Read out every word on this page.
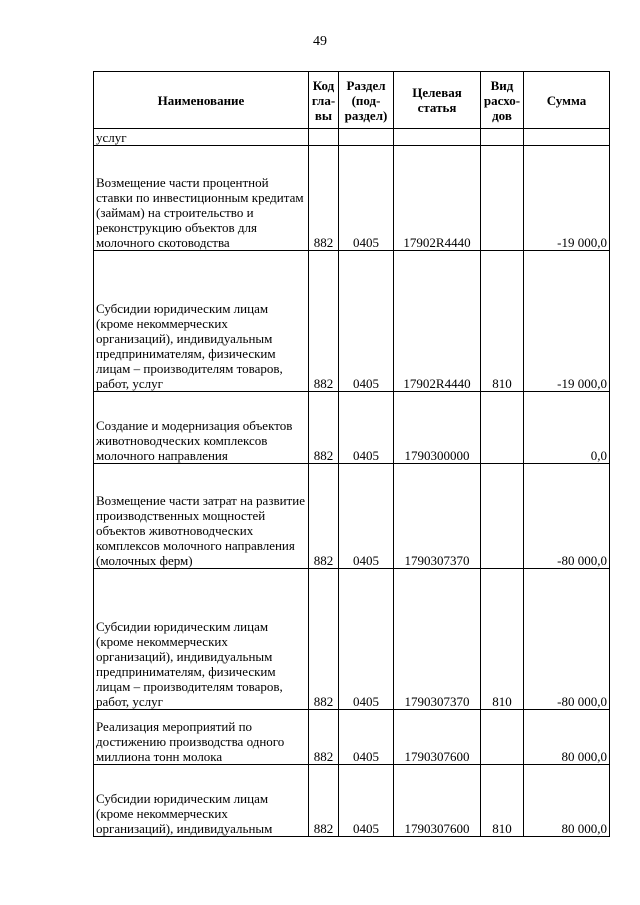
49
Наименование	Код гла- вы	Раздел (под- раздел)	Целевая статья	Вид расхо- дов	Сумма
услуг					
Возмещение части процентной ставки по инвестиционным кредитам (займам) на строительство и реконструкцию объектов для молочного скотоводства	882	0405	17902R4440		-19 000,0
Субсидии юридическим лицам (кроме некоммерческих организаций), индивидуальным предпринимателям, физическим лицам – производителям товаров, работ, услуг	882	0405	17902R4440	810	-19 000,0
Создание и модернизация объектов животноводческих комплексов молочного направления	882	0405	1790300000		0,0
Возмещение части затрат на развитие производственных мощностей объектов животноводческих комплексов молочного направления (молочных ферм)	882	0405	1790307370		-80 000,0
Субсидии юридическим лицам (кроме некоммерческих организаций), индивидуальным предпринимателям, физическим лицам – производителям товаров, работ, услуг	882	0405	1790307370	810	-80 000,0
Реализация мероприятий по достижению производства одного миллиона тонн молока	882	0405	1790307600		80 000,0
Субсидии юридическим лицам (кроме некоммерческих организаций), индивидуальным	882	0405	1790307600	810	80 000,0
